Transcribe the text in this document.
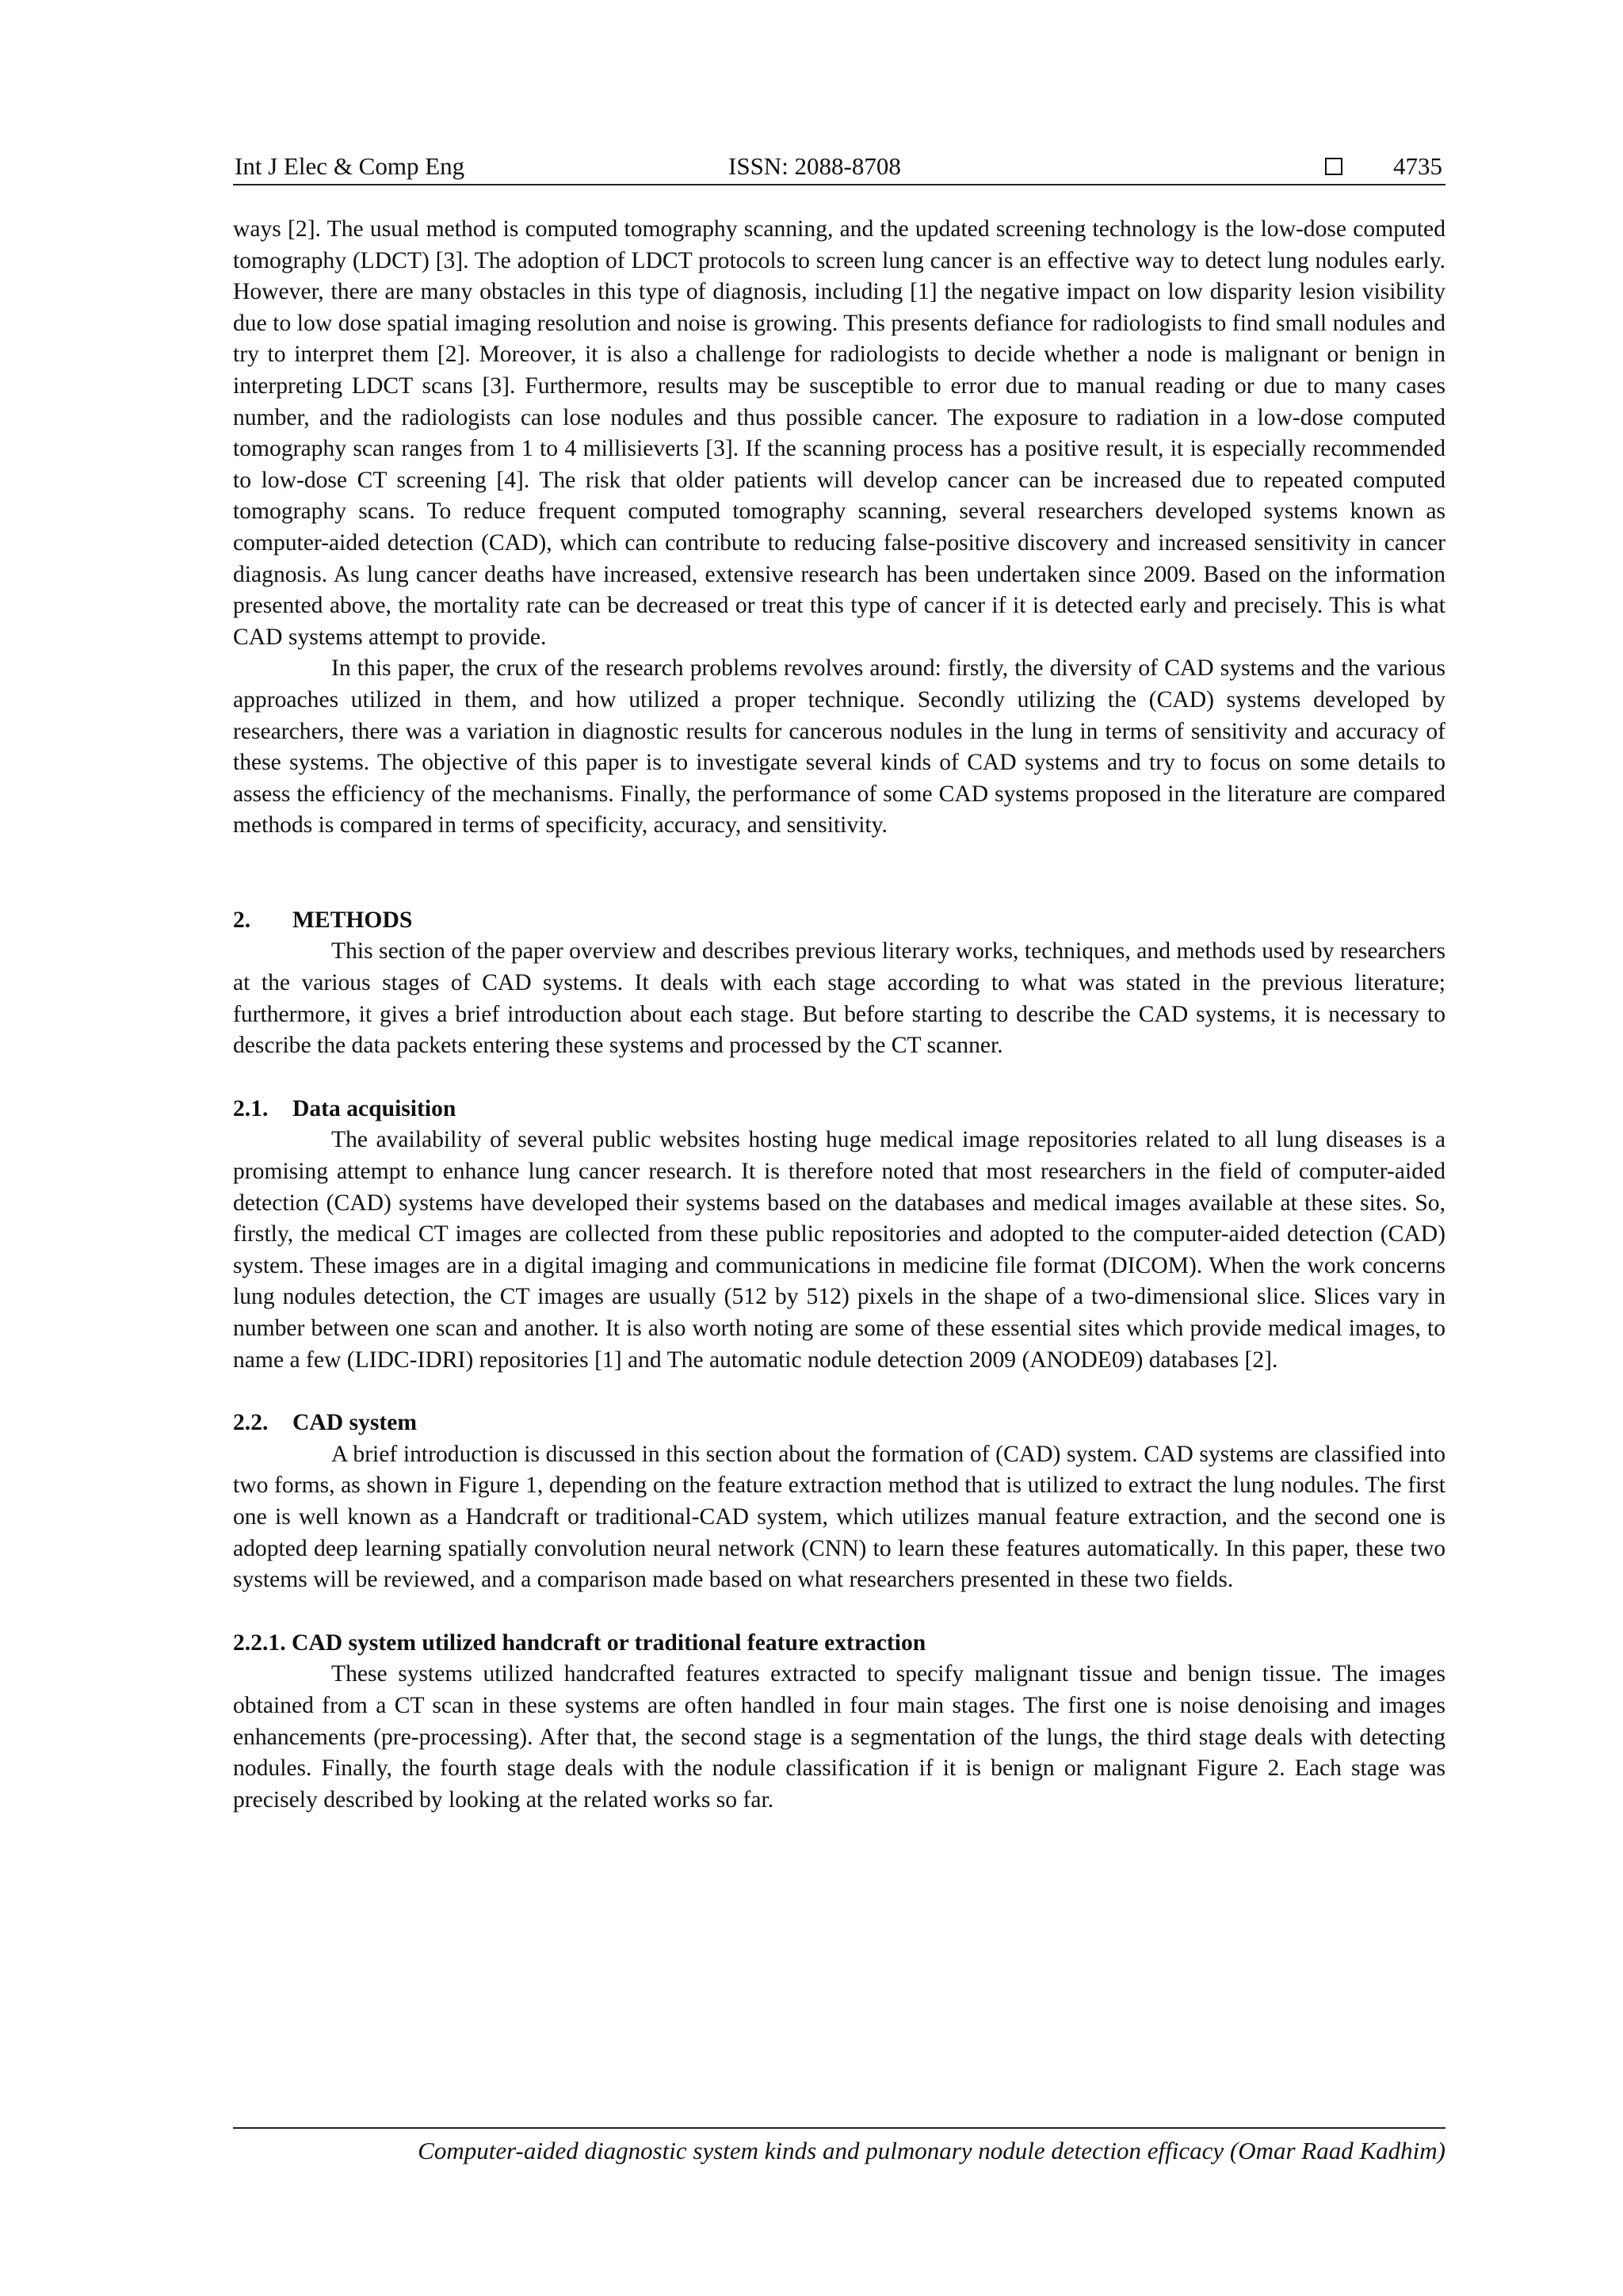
Int J Elec & Comp Eng	ISSN: 2088-8708	4735

ways [2]. The usual method is computed tomography scanning, and the updated screening technology is the low-dose computed tomography (LDCT) [3]. The adoption of LDCT protocols to screen lung cancer is an effective way to detect lung nodules early. However, there are many obstacles in this type of diagnosis, including [1] the negative impact on low disparity lesion visibility due to low dose spatial imaging resolution and noise is growing. This presents defiance for radiologists to find small nodules and try to interpret them [2]. Moreover, it is also a challenge for radiologists to decide whether a node is malignant or benign in interpreting LDCT scans [3]. Furthermore, results may be susceptible to error due to manual reading or due to many cases number, and the radiologists can lose nodules and thus possible cancer. The exposure to radiation in a low-dose computed tomography scan ranges from 1 to 4 millisieverts [3]. If the scanning process has a positive result, it is especially recommended to low-dose CT screening [4]. The risk that older patients will develop cancer can be increased due to repeated computed tomography scans. To reduce frequent computed tomography scanning, several researchers developed systems known as computer-aided detection (CAD), which can contribute to reducing false-positive discovery and increased sensitivity in cancer diagnosis. As lung cancer deaths have increased, extensive research has been undertaken since 2009. Based on the information presented above, the mortality rate can be decreased or treat this type of cancer if it is detected early and precisely. This is what CAD systems attempt to provide.

In this paper, the crux of the research problems revolves around: firstly, the diversity of CAD systems and the various approaches utilized in them, and how utilized a proper technique. Secondly utilizing the (CAD) systems developed by researchers, there was a variation in diagnostic results for cancerous nodules in the lung in terms of sensitivity and accuracy of these systems. The objective of this paper is to investigate several kinds of CAD systems and try to focus on some details to assess the efficiency of the mechanisms. Finally, the performance of some CAD systems proposed in the literature are compared methods is compared in terms of specificity, accuracy, and sensitivity.

2. METHODS

This section of the paper overview and describes previous literary works, techniques, and methods used by researchers at the various stages of CAD systems. It deals with each stage according to what was stated in the previous literature; furthermore, it gives a brief introduction about each stage. But before starting to describe the CAD systems, it is necessary to describe the data packets entering these systems and processed by the CT scanner.

2.1. Data acquisition

The availability of several public websites hosting huge medical image repositories related to all lung diseases is a promising attempt to enhance lung cancer research. It is therefore noted that most researchers in the field of computer-aided detection (CAD) systems have developed their systems based on the databases and medical images available at these sites. So, firstly, the medical CT images are collected from these public repositories and adopted to the computer-aided detection (CAD) system. These images are in a digital imaging and communications in medicine file format (DICOM). When the work concerns lung nodules detection, the CT images are usually (512 by 512) pixels in the shape of a two-dimensional slice. Slices vary in number between one scan and another. It is also worth noting are some of these essential sites which provide medical images, to name a few (LIDC-IDRI) repositories [1] and The automatic nodule detection 2009 (ANODE09) databases [2].

2.2. CAD system

A brief introduction is discussed in this section about the formation of (CAD) system. CAD systems are classified into two forms, as shown in Figure 1, depending on the feature extraction method that is utilized to extract the lung nodules. The first one is well known as a Handcraft or traditional-CAD system, which utilizes manual feature extraction, and the second one is adopted deep learning spatially convolution neural network (CNN) to learn these features automatically. In this paper, these two systems will be reviewed, and a comparison made based on what researchers presented in these two fields.

2.2.1. CAD system utilized handcraft or traditional feature extraction

These systems utilized handcrafted features extracted to specify malignant tissue and benign tissue. The images obtained from a CT scan in these systems are often handled in four main stages. The first one is noise denoising and images enhancements (pre-processing). After that, the second stage is a segmentation of the lungs, the third stage deals with detecting nodules. Finally, the fourth stage deals with the nodule classification if it is benign or malignant Figure 2. Each stage was precisely described by looking at the related works so far.

Computer-aided diagnostic system kinds and pulmonary nodule detection efficacy (Omar Raad Kadhim)
